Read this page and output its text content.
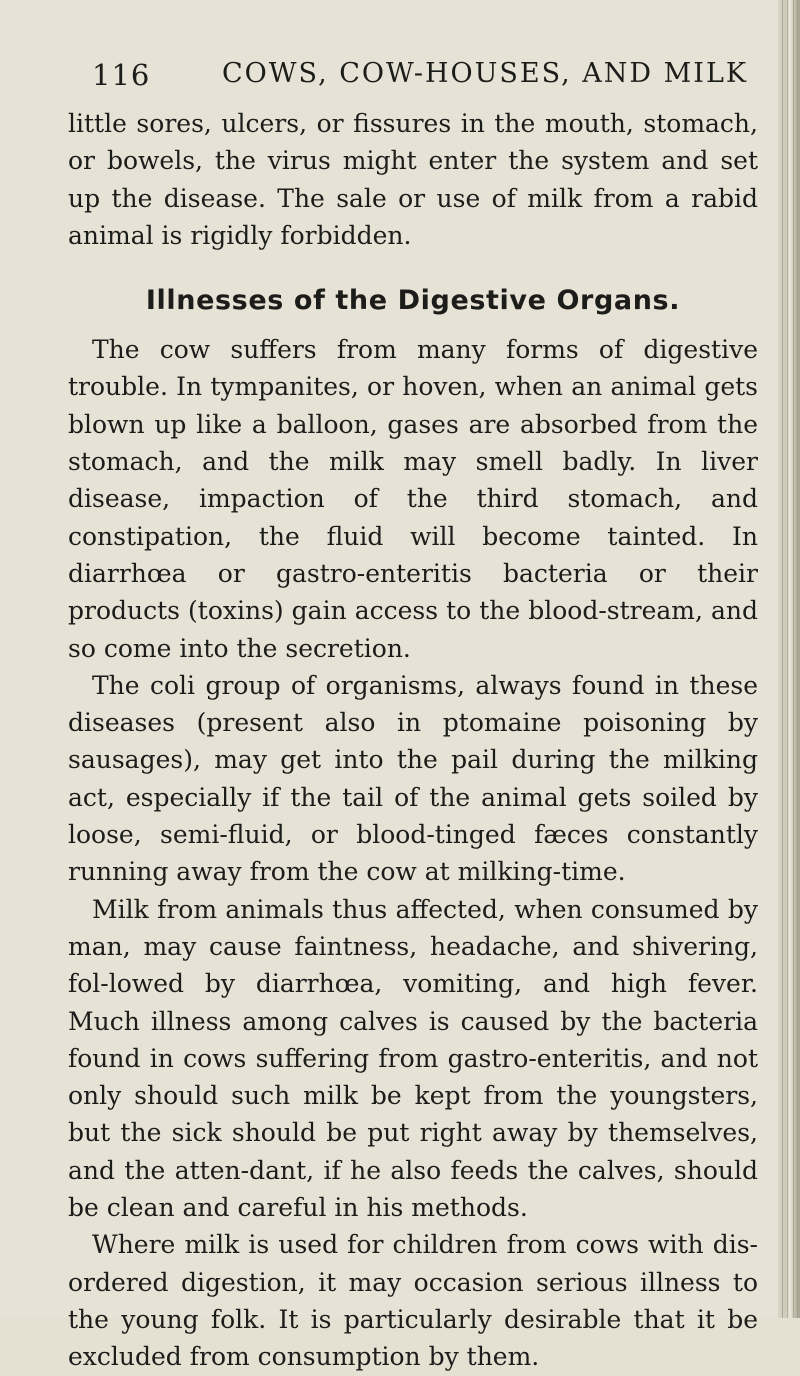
116	COWS, COW-HOUSES, AND MILK

little sores, ulcers, or fissures in the mouth, stomach, or bowels, the virus might enter the system and set up the disease. The sale or use of milk from a rabid animal is rigidly forbidden.

Illnesses of the Digestive Organs.

The cow suffers from many forms of digestive trouble. In tympanites, or hoven, when an animal gets blown up like a balloon, gases are absorbed from the stomach, and the milk may smell badly. In liver disease, impaction of the third stomach, and constipation, the fluid will become tainted. In diarrhœa or gastro-enteritis bacteria or their products (toxins) gain access to the blood-stream, and so come into the secretion.

The coli group of organisms, always found in these diseases (present also in ptomaine poisoning by sausages), may get into the pail during the milking act, especially if the tail of the animal gets soiled by loose, semi-fluid, or blood-tinged fæces constantly running away from the cow at milking-time.

Milk from animals thus affected, when consumed by man, may cause faintness, headache, and shivering, fol-lowed by diarrhœa, vomiting, and high fever. Much illness among calves is caused by the bacteria found in cows suffering from gastro-enteritis, and not only should such milk be kept from the youngsters, but the sick should be put right away by themselves, and the atten-dant, if he also feeds the calves, should be clean and careful in his methods.

Where milk is used for children from cows with dis-ordered digestion, it may occasion serious illness to the young folk. It is particularly desirable that it be excluded from consumption by them.
